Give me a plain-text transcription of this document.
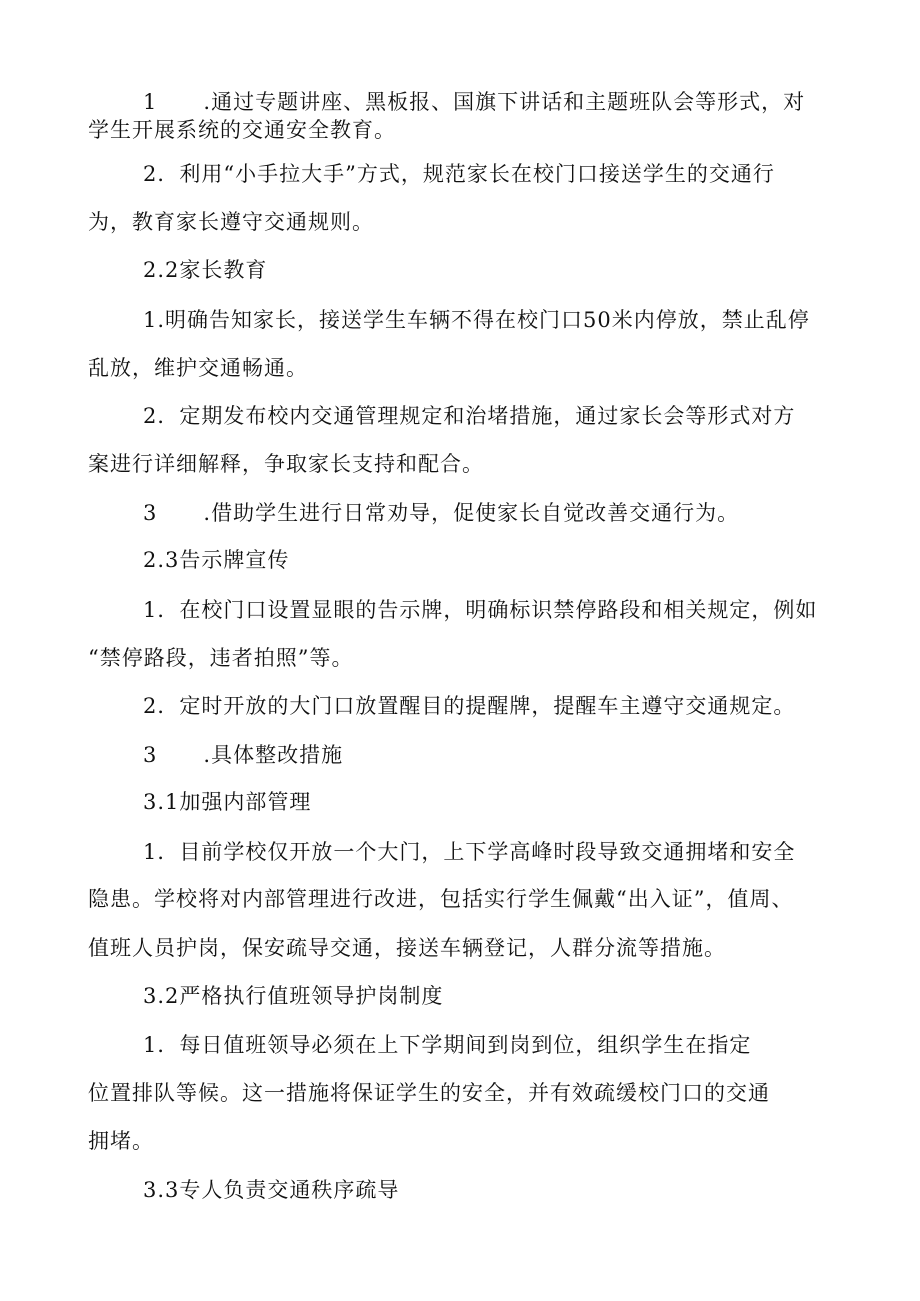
1      .通过专题讲座、黑板报、国旗下讲话和主题班队会等形式，对
学生开展系统的交通安全教育。
2．利用“小手拉大手”方式，规范家长在校门口接送学生的交通行
为，教育家长遵守交通规则。
2.2家长教育
1.明确告知家长，接送学生车辆不得在校门口50米内停放，禁止乱停
乱放，维护交通畅通。
2．定期发布校内交通管理规定和治堵措施，通过家长会等形式对方
案进行详细解释，争取家长支持和配合。
3      .借助学生进行日常劝导，促使家长自觉改善交通行为。
2.3告示牌宣传
1．在校门口设置显眼的告示牌，明确标识禁停路段和相关规定，例如
“禁停路段，违者拍照”等。
2．定时开放的大门口放置醒目的提醒牌，提醒车主遵守交通规定。
3      .具体整改措施
3.1加强内部管理
1．目前学校仅开放一个大门，上下学高峰时段导致交通拥堵和安全
隐患。学校将对内部管理进行改进，包括实行学生佩戴“出入证”，值周、
值班人员护岗，保安疏导交通，接送车辆登记，人群分流等措施。
3.2严格执行值班领导护岗制度
1．每日值班领导必须在上下学期间到岗到位，组织学生在指定
位置排队等候。这一措施将保证学生的安全，并有效疏缓校门口的交通
拥堵。
3.3专人负责交通秩序疏导
